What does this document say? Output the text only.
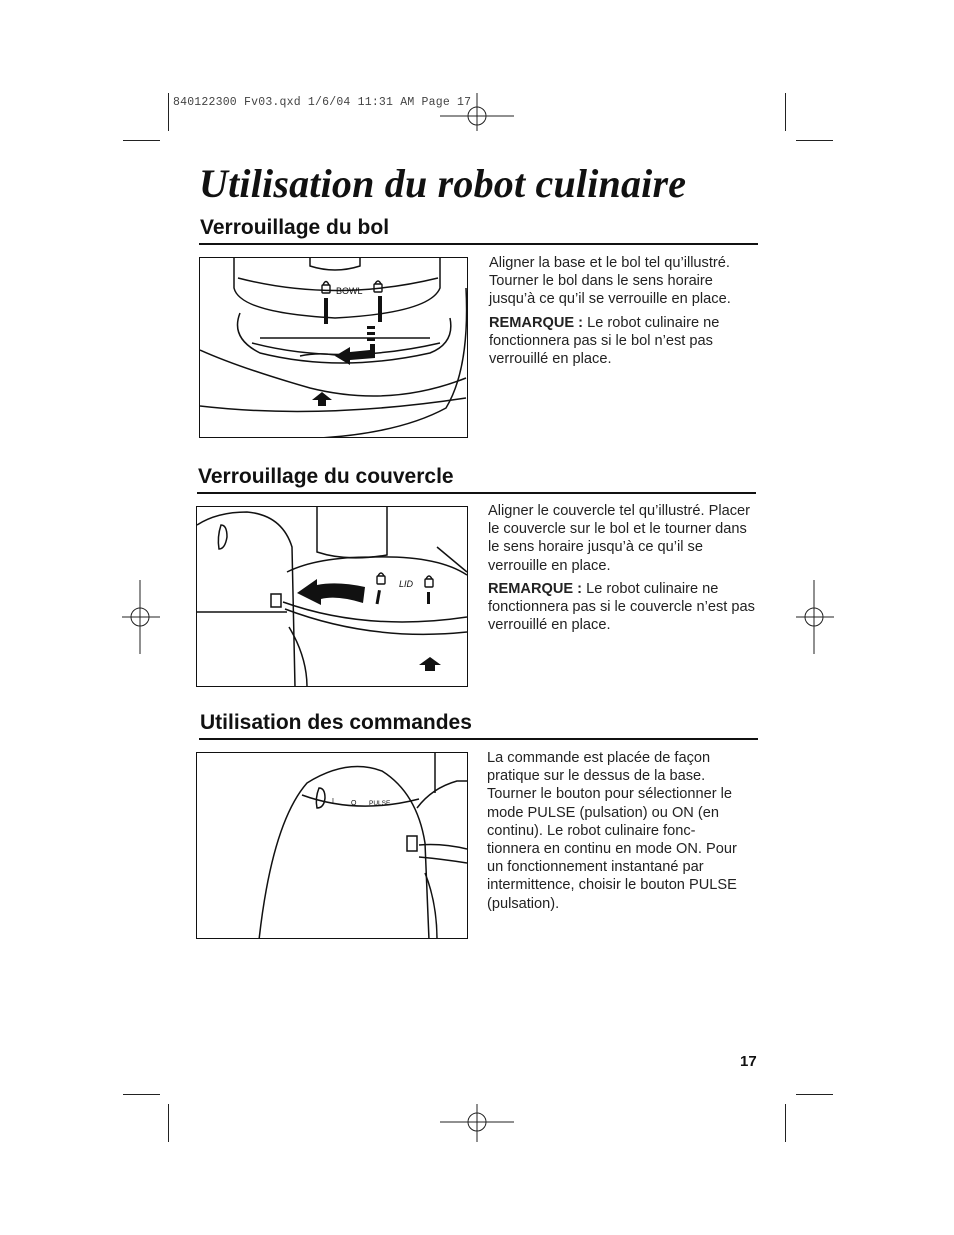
840122300 Fv03.qxd 1/6/04 11:31 AM Page 17
Utilisation du robot culinaire
Verrouillage du bol
BOWL

Aligner la base et le bol tel qu’illustré. Tourner le bol dans le sens horaire jusqu’à ce qu’il se verrouille en place.

REMARQUE : Le robot culinaire ne fonctionnera pas si le bol n’est pas verrouillé en place.

Verrouillage du couvercle
LID

Aligner le couvercle tel qu’illustré. Placer le couvercle sur le bol et le tourner dans le sens horaire jusqu’à ce qu’il se verrouille en place.

REMARQUE : Le robot culinaire ne fonctionnera pas si le couvercle n’est pas verrouillé en place.

Utilisation des commandes
I O PULSE

La commande est placée de façon pratique sur le dessus de la base. Tourner le bouton pour sélectionner le mode PULSE (pulsation) ou ON (en continu). Le robot culinaire fonc-tionnera en continu en mode ON. Pour un fonctionnement instantané par intermittence, choisir le bouton PULSE (pulsation).

17
